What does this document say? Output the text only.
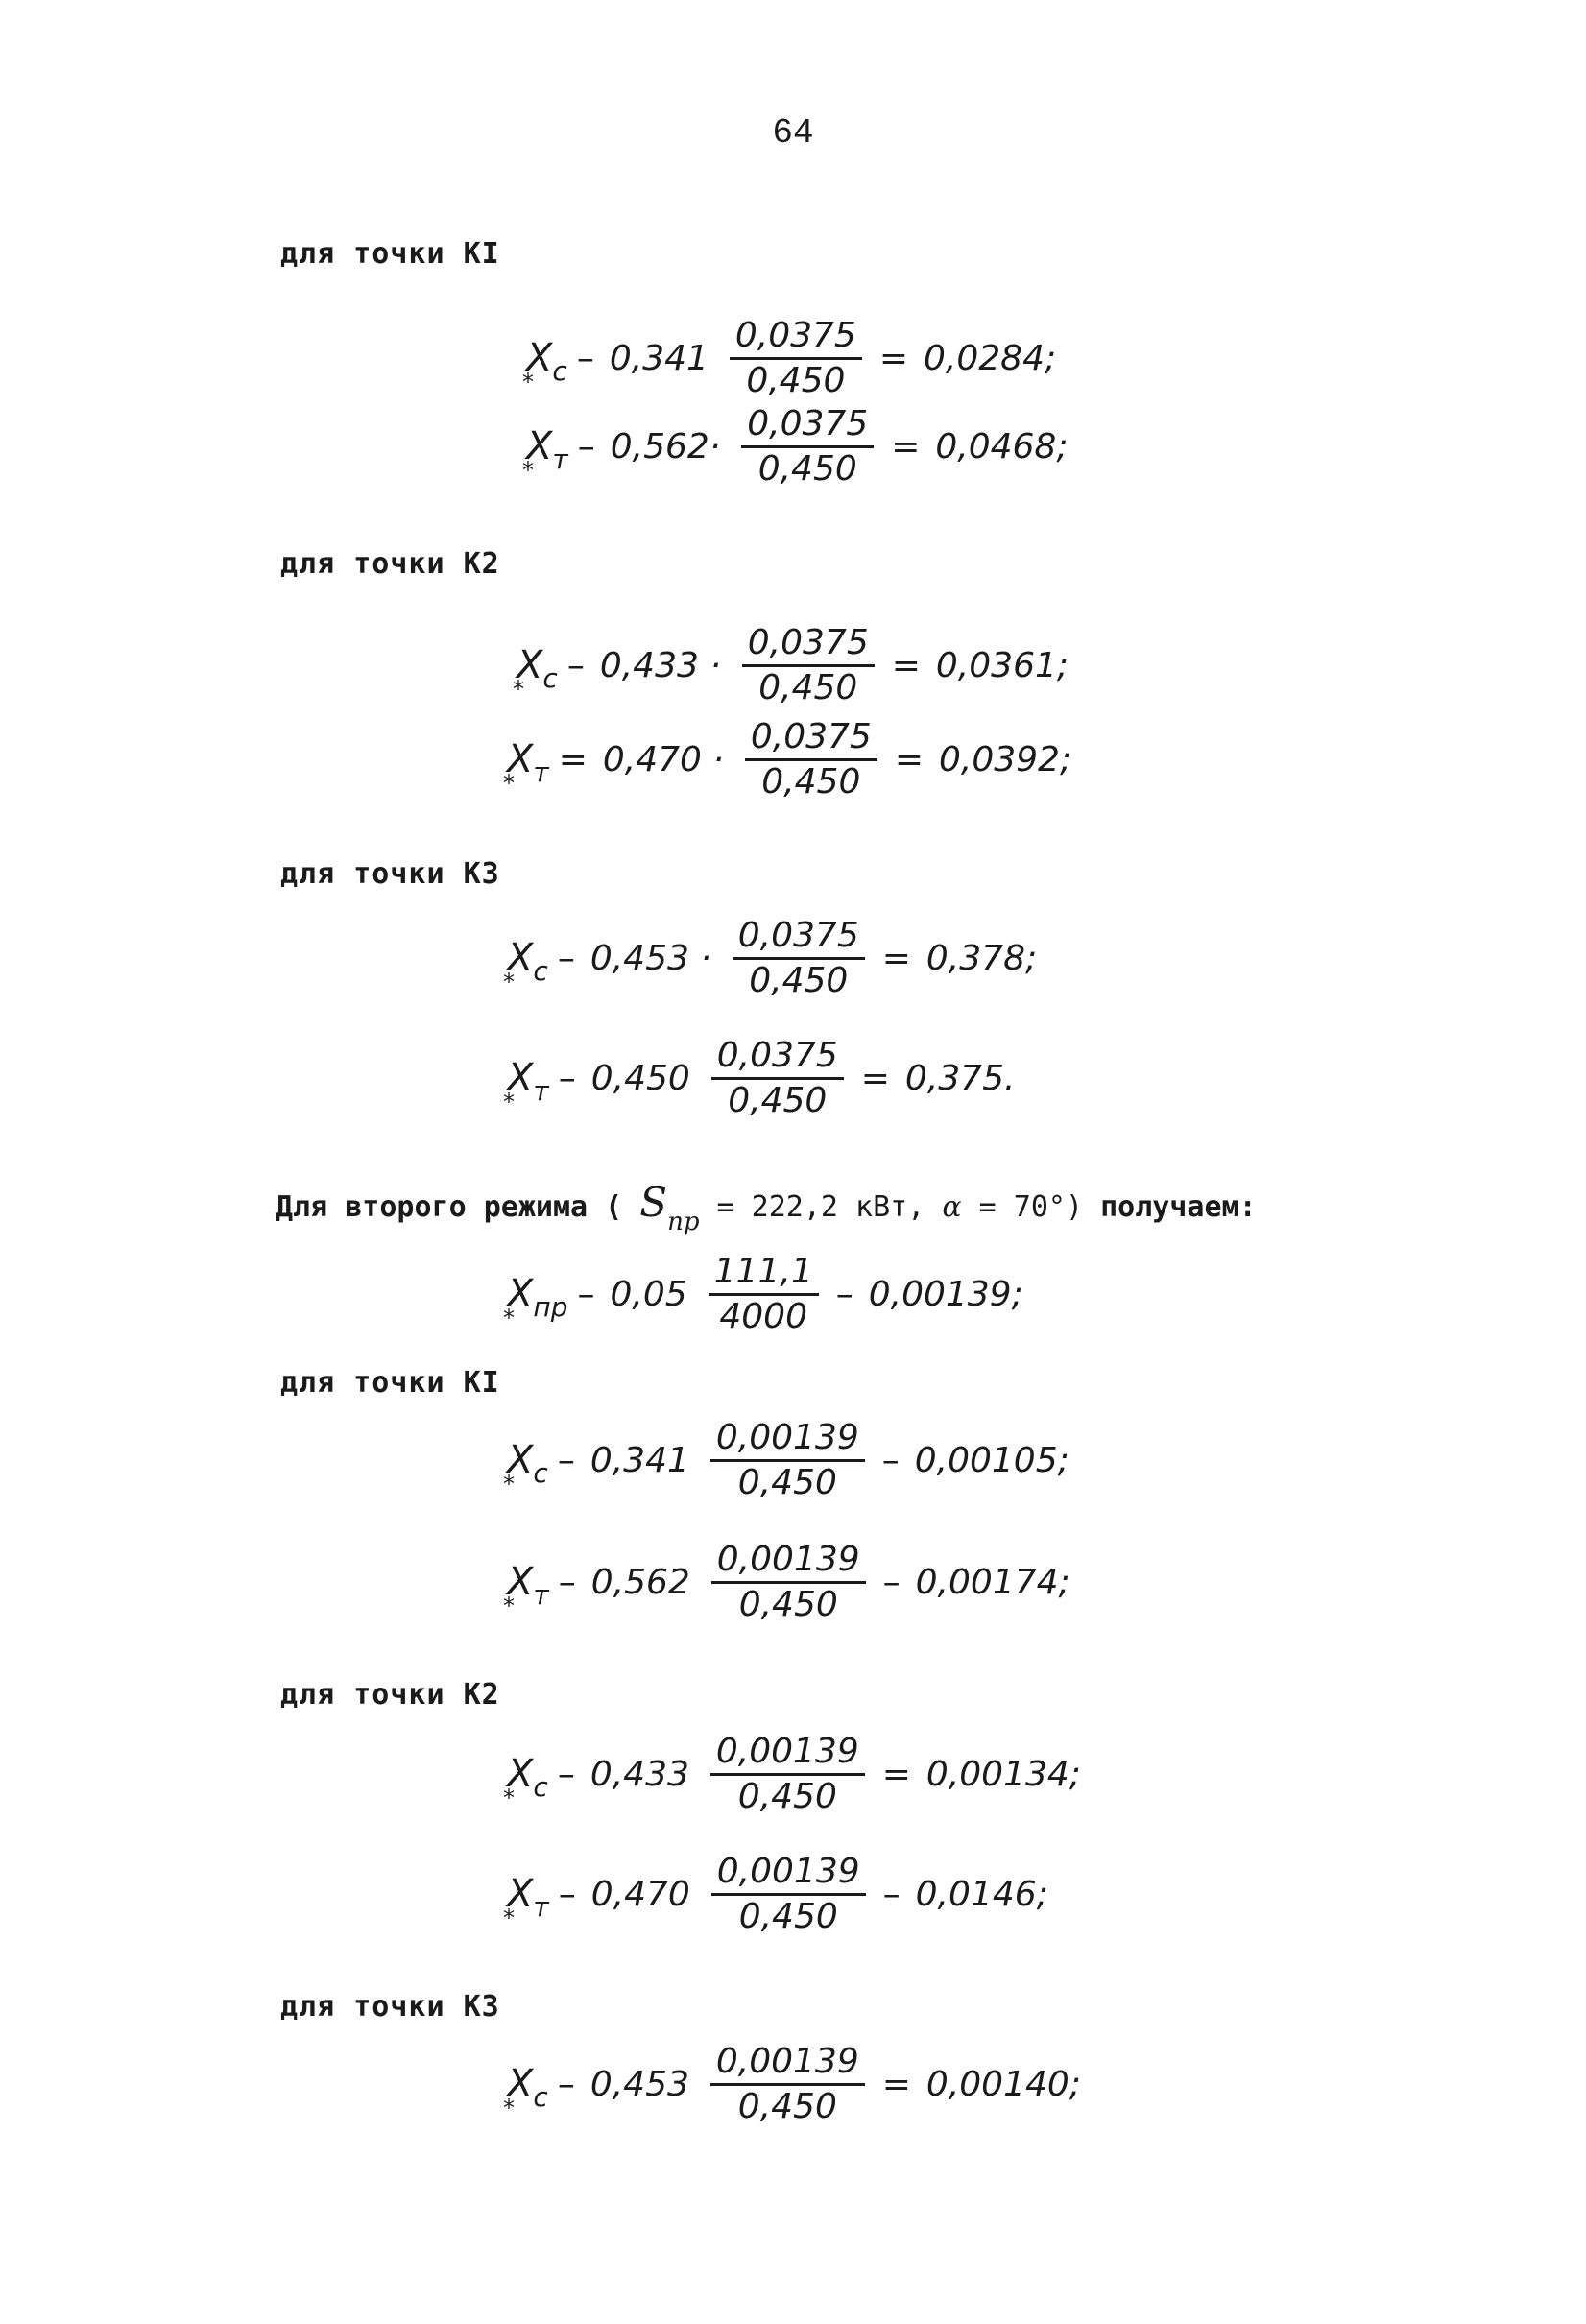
64
для точки КI
$X_c$
*
– $0,341 \frac{0,0375}{0,450} = 0,0284$;
$X_т$
*
– $0,562\cdot \frac{0,0375}{0,450} = 0,0468$;
для точки К2
$X_c$
*
– $0,433 \cdot \frac{0,0375}{0,450} = 0,0361$;
$X_т$
*
= $0,470 \cdot \frac{0,0375}{0,450} = 0,0392$;
для точки К3
$X_c$
*
– $0,453 \cdot \frac{0,0375}{0,450} = 0,378$;
$X_т$
*
– $0,450 \frac{0,0375}{0,450} = 0,375$.
Для второго режима ( Sпр = 222,2 кВт, α = 70°) получаем:
$X_{пр}$
*
– $0,05 \frac{111,1}{4000} - 0,00139$;
для точки КI
$X_c$
*
– $0,341 \frac{0,00139}{0,450} - 0,00105$;
$X_т$
*
– $0,562 \frac{0,00139}{0,450} - 0,00174$;
для точки К2
$X_c$
*
– $0,433 \frac{0,00139}{0,450} = 0,00134$;
$X_т$
*
– $0,470 \frac{0,00139}{0,450} - 0,0146$;
для точки К3
$X_c$
*
– $0,453 \frac{0,00139}{0,450} = 0,00140$;
